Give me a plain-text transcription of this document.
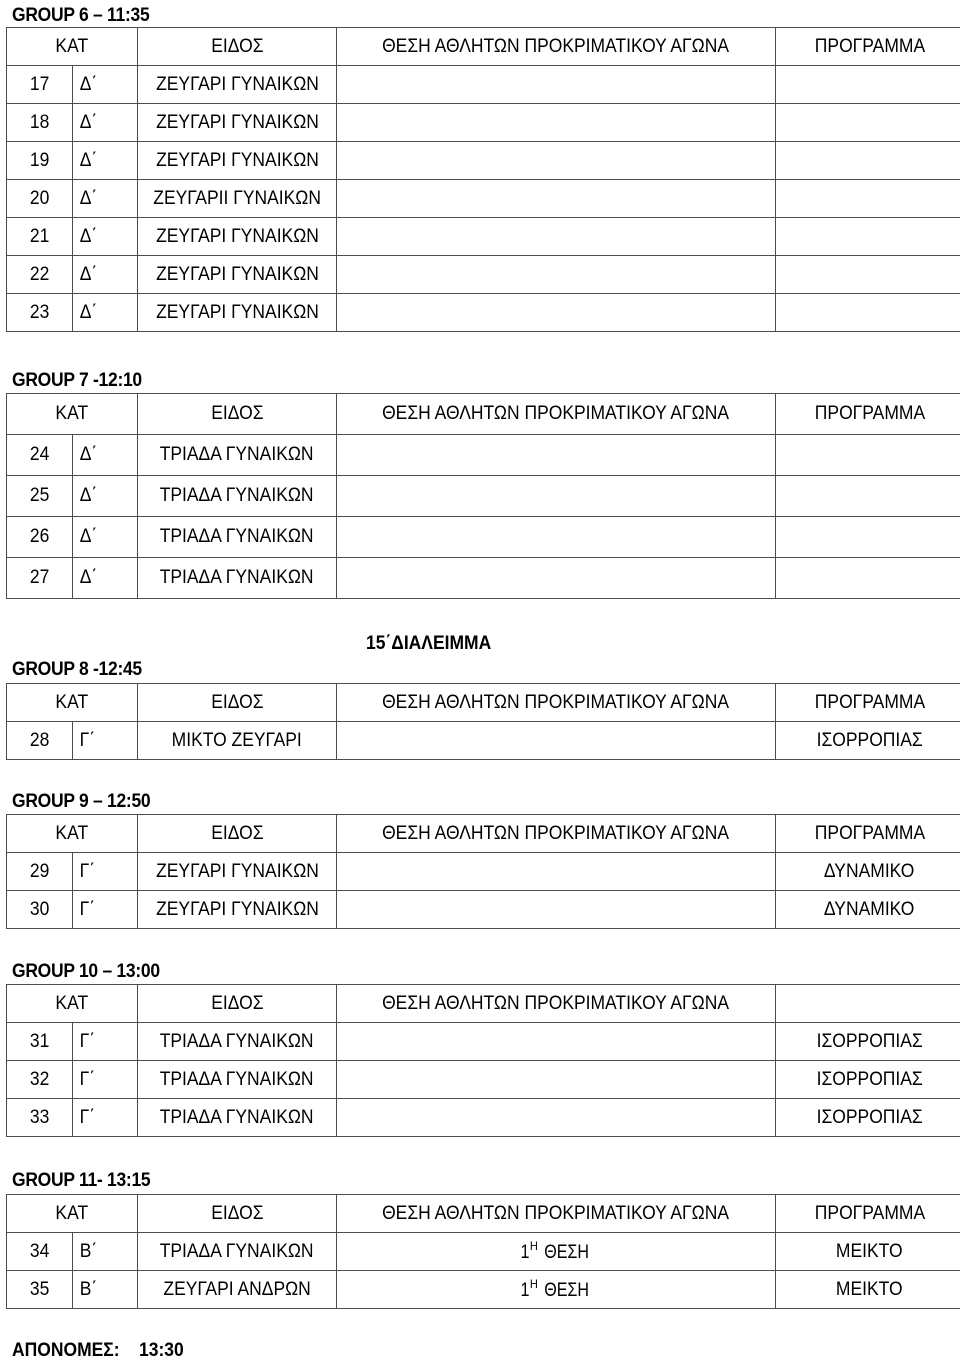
GROUP 6 – 11:35
ΚΑΤ		ΕΙΔΟΣ	ΘΕΣΗ ΑΘΛΗΤΩΝ ΠΡΟΚΡΙΜΑΤΙΚΟΥ ΑΓΩΝΑ	ΠΡΟΓΡΑΜΜΑ
17	Δ΄	ΖΕΥΓΑΡΙ ΓΥΝΑΙΚΩΝ		
18	Δ΄	ΖΕΥΓΑΡΙ ΓΥΝΑΙΚΩΝ		
19	Δ΄	ΖΕΥΓΑΡΙ ΓΥΝΑΙΚΩΝ		
20	Δ΄	ΖΕΥΓΑΡΙΙ ΓΥΝΑΙΚΩΝ		
21	Δ΄	ΖΕΥΓΑΡΙ ΓΥΝΑΙΚΩΝ		
22	Δ΄	ΖΕΥΓΑΡΙ ΓΥΝΑΙΚΩΝ		
23	Δ΄	ΖΕΥΓΑΡΙ ΓΥΝΑΙΚΩΝ		
GROUP 7 -12:10
ΚΑΤ		ΕΙΔΟΣ	ΘΕΣΗ ΑΘΛΗΤΩΝ ΠΡΟΚΡΙΜΑΤΙΚΟΥ ΑΓΩΝΑ	ΠΡΟΓΡΑΜΜΑ
24	Δ΄	ΤΡΙΑΔΑ ΓΥΝΑΙΚΩΝ		
25	Δ΄	ΤΡΙΑΔΑ ΓΥΝΑΙΚΩΝ		
26	Δ΄	ΤΡΙΑΔΑ ΓΥΝΑΙΚΩΝ		
27	Δ΄	ΤΡΙΑΔΑ ΓΥΝΑΙΚΩΝ		
15΄ΔΙΑΛΕΙΜΜΑ
GROUP 8 -12:45
ΚΑΤ		ΕΙΔΟΣ	ΘΕΣΗ ΑΘΛΗΤΩΝ ΠΡΟΚΡΙΜΑΤΙΚΟΥ ΑΓΩΝΑ	ΠΡΟΓΡΑΜΜΑ
28	Γ΄	ΜΙΚΤΟ ΖΕΥΓΑΡΙ		ΙΣΟΡΡΟΠΙΑΣ
GROUP 9 – 12:50
ΚΑΤ		ΕΙΔΟΣ	ΘΕΣΗ ΑΘΛΗΤΩΝ ΠΡΟΚΡΙΜΑΤΙΚΟΥ ΑΓΩΝΑ	ΠΡΟΓΡΑΜΜΑ
29	Γ΄	ΖΕΥΓΑΡΙ ΓΥΝΑΙΚΩΝ		ΔΥΝΑΜΙΚΟ
30	Γ΄	ΖΕΥΓΑΡΙ ΓΥΝΑΙΚΩΝ		ΔΥΝΑΜΙΚΟ
GROUP 10 – 13:00
ΚΑΤ		ΕΙΔΟΣ	ΘΕΣΗ ΑΘΛΗΤΩΝ ΠΡΟΚΡΙΜΑΤΙΚΟΥ ΑΓΩΝΑ	
31	Γ΄	ΤΡΙΑΔΑ ΓΥΝΑΙΚΩΝ		ΙΣΟΡΡΟΠΙΑΣ
32	Γ΄	ΤΡΙΑΔΑ ΓΥΝΑΙΚΩΝ		ΙΣΟΡΡΟΠΙΑΣ
33	Γ΄	ΤΡΙΑΔΑ ΓΥΝΑΙΚΩΝ		ΙΣΟΡΡΟΠΙΑΣ
GROUP 11- 13:15
ΚΑΤ		ΕΙΔΟΣ	ΘΕΣΗ ΑΘΛΗΤΩΝ ΠΡΟΚΡΙΜΑΤΙΚΟΥ ΑΓΩΝΑ	ΠΡΟΓΡΑΜΜΑ
34	Β΄	ΤΡΙΑΔΑ ΓΥΝΑΙΚΩΝ	$1^H$ ΘΕΣΗ	ΜΕΙΚΤΟ
35	Β΄	ΖΕΥΓΑΡΙ ΑΝΔΡΩΝ	$1^H$ ΘΕΣΗ	ΜΕΙΚΤΟ
ΑΠΟΝΟΜΕΣ: 13:30
